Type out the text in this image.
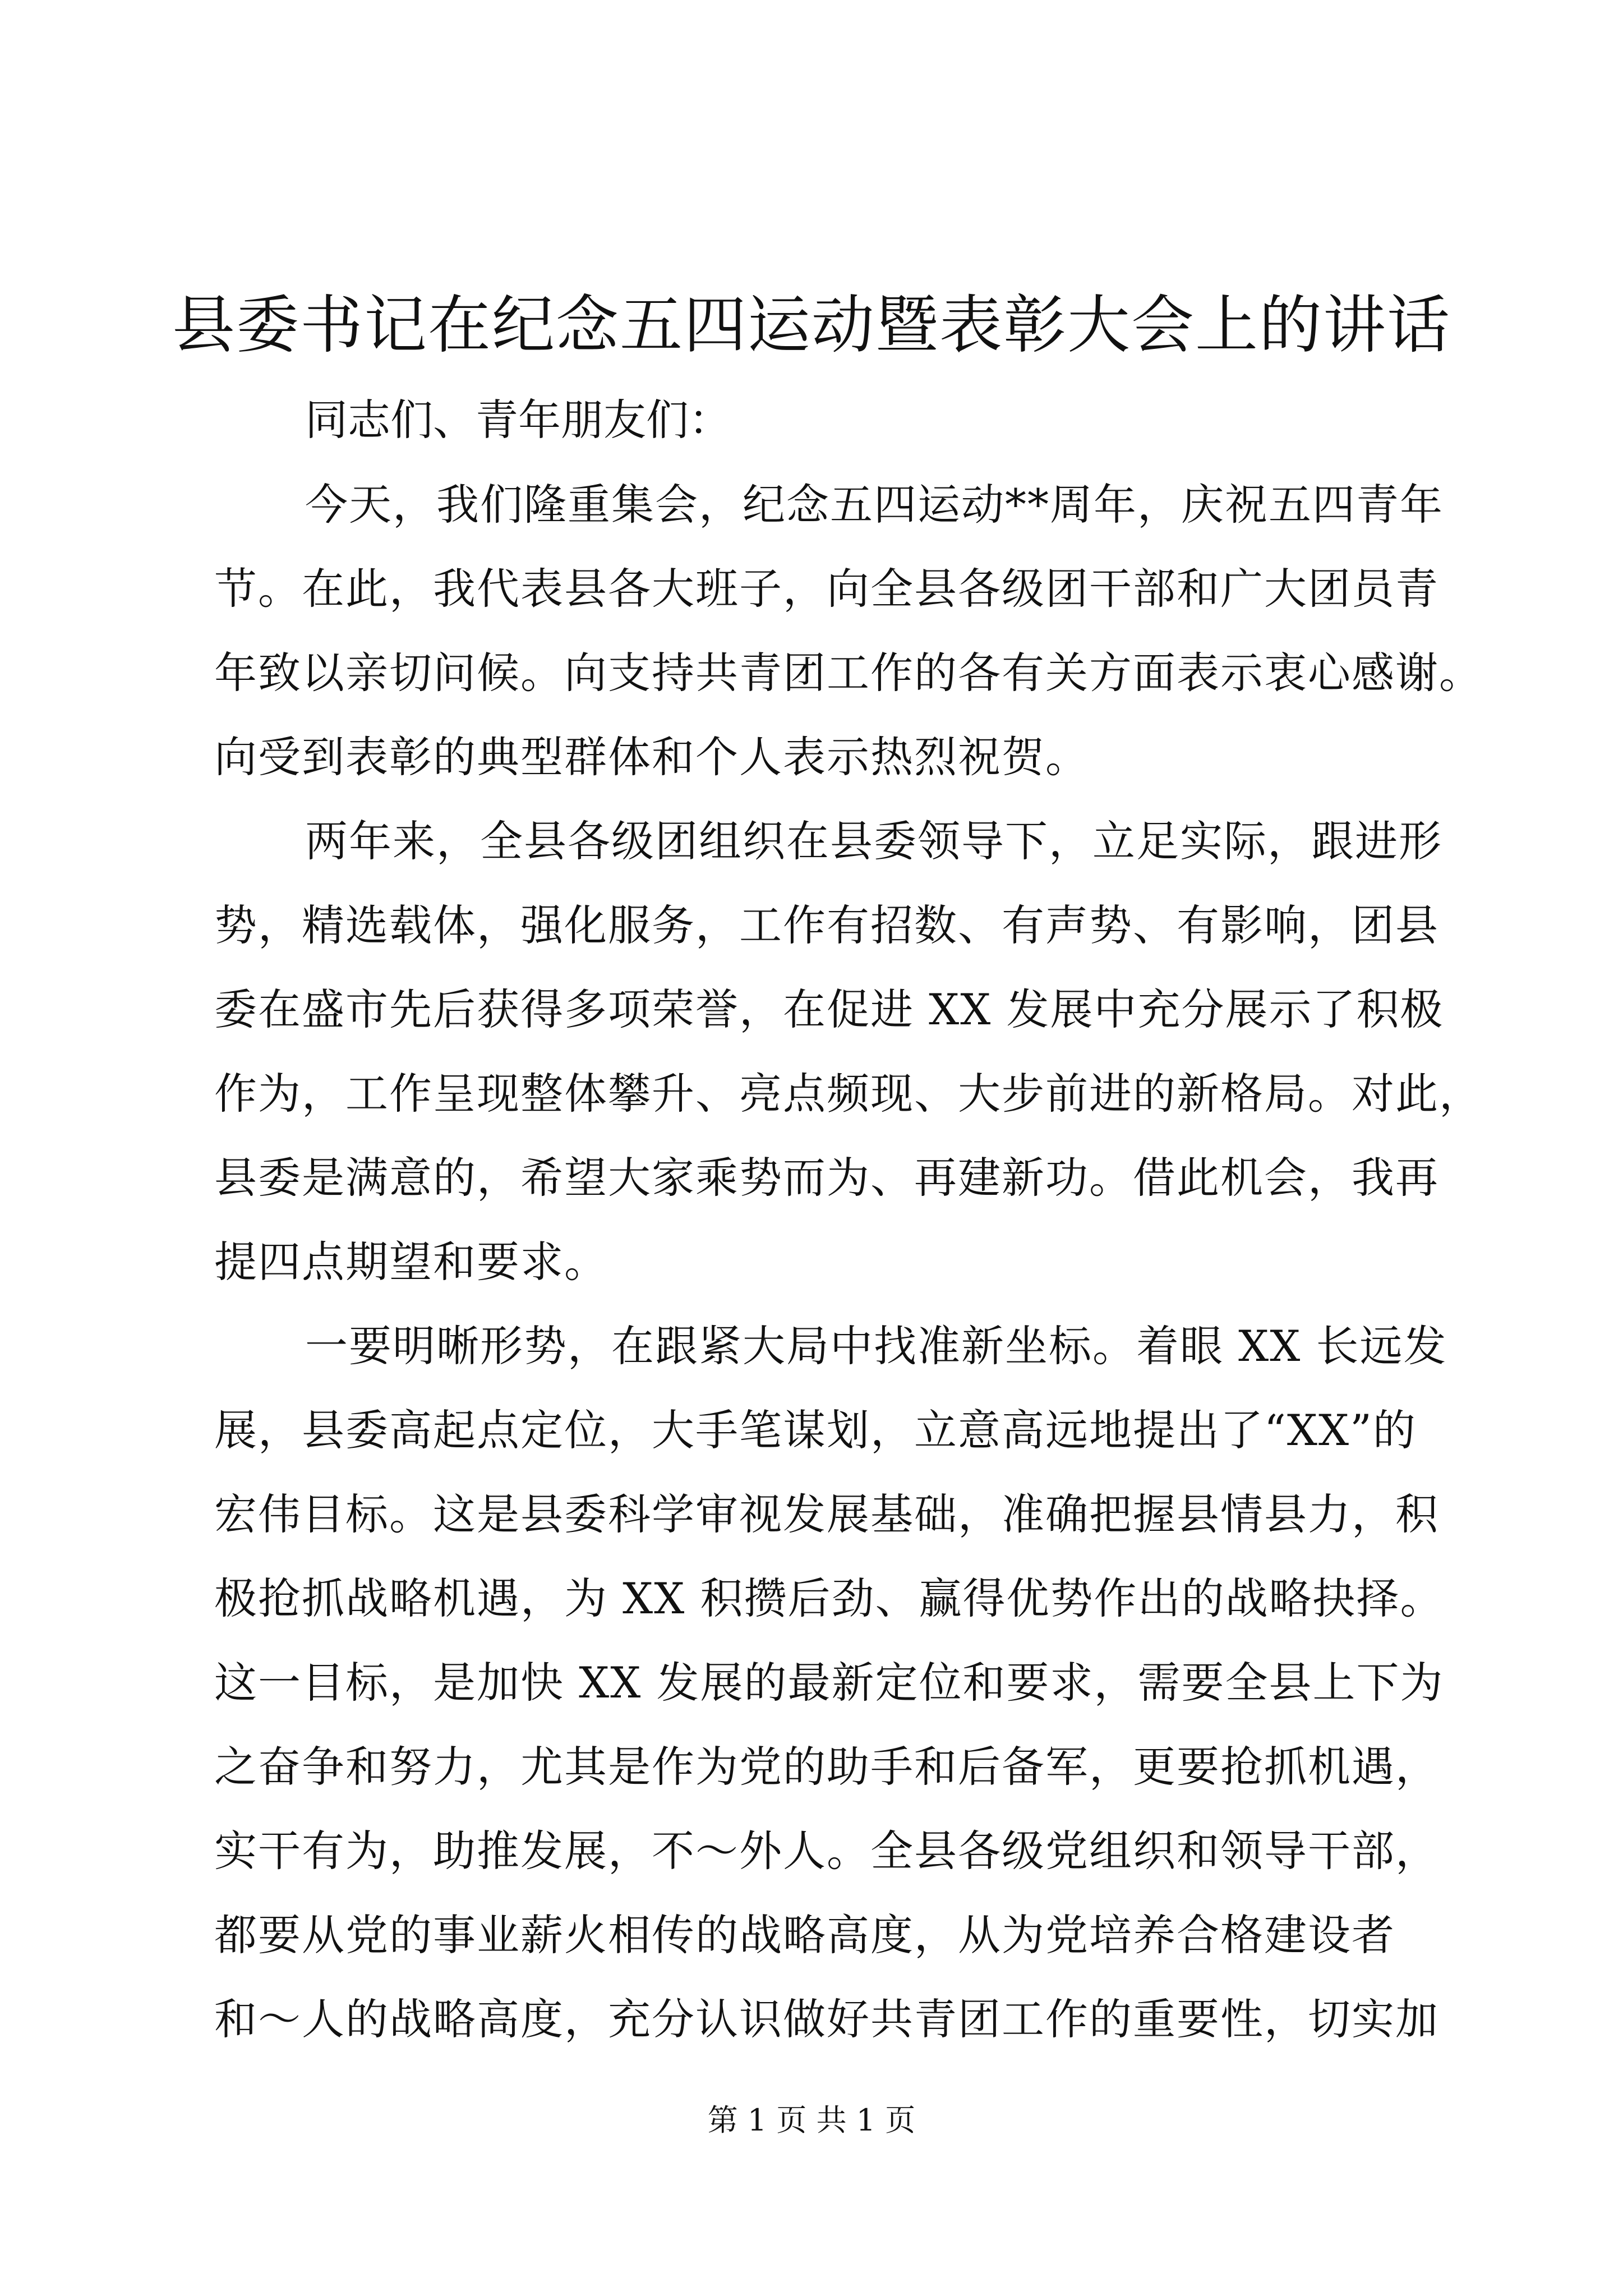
县委书记在纪念五四运动暨表彰大会上的讲话

同志们、青年朋友们：

今天，我们隆重集会，纪念五四运动**周年，庆祝五四青年

节。在此，我代表县各大班子，向全县各级团干部和广大团员青

年致以亲切问候。向支持共青团工作的各有关方面表示衷心感谢。

向受到表彰的典型群体和个人表示热烈祝贺。

两年来，全县各级团组织在县委领导下，立足实际，跟进形

势，精选载体，强化服务，工作有招数、有声势、有影响，团县

委在盛市先后获得多项荣誉，在促进 XX 发展中充分展示了积极

作为，工作呈现整体攀升、亮点频现、大步前进的新格局。对此，

县委是满意的，希望大家乘势而为、再建新功。借此机会，我再

提四点期望和要求。

一要明晰形势，在跟紧大局中找准新坐标。着眼 XX 长远发

展，县委高起点定位，大手笔谋划，立意高远地提出了“XX”的

宏伟目标。这是县委科学审视发展基础，准确把握县情县力，积

极抢抓战略机遇，为 XX 积攒后劲、赢得优势作出的战略抉择。

这一目标，是加快 XX 发展的最新定位和要求，需要全县上下为

之奋争和努力，尤其是作为党的助手和后备军，更要抢抓机遇，

实干有为，助推发展，不～外人。全县各级党组织和领导干部，

都要从党的事业薪火相传的战略高度，从为党培养合格建设者

和～人的战略高度，充分认识做好共青团工作的重要性，切实加

第 1 页 共 1 页
